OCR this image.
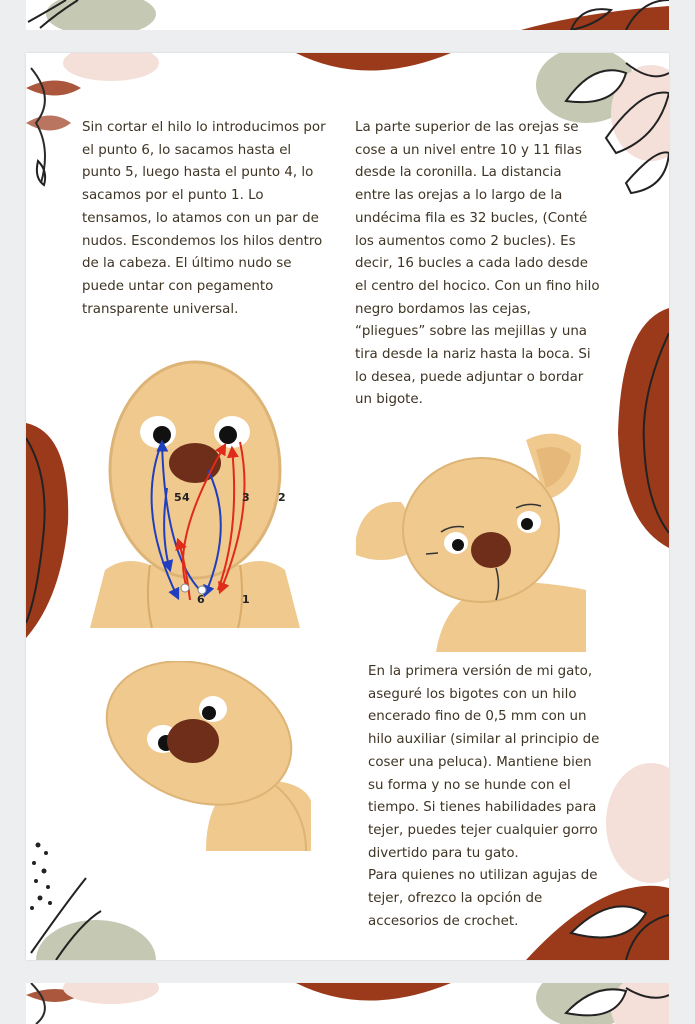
Sin cortar el hilo lo introducimos por el punto 6, lo sacamos hasta el punto 5, luego hasta el punto 4, lo sacamos por el punto 1. Lo tensamos, lo atamos con un par de nudos. Escondemos los hilos dentro de la cabeza. El último nudo se puede untar con pegamento transparente universal.

La parte superior de las orejas se cose a un nivel entre 10 y 11 filas desde la coronilla. La distancia entre las orejas a lo largo de la undécima fila es 32 bucles, (Conté los aumentos como 2 bucles). Es decir, 16 bucles a cada lado desde el centro del hocico. Con un fino hilo negro bordamos las cejas, “pliegues” sobre las mejillas y una tira desde la nariz hasta la boca. Si lo desea, puede adjuntar o bordar un bigote.

En la primera versión de mi gato, aseguré los bigotes con un hilo encerado fino de 0,5 mm con un hilo auxiliar (similar al principio de coser una peluca). Mantiene bien su forma y no se hunde con el tiempo. Si tienes habilidades para tejer, puedes tejer cualquier gorro divertido para tu gato.

Para quienes no utilizan agujas de tejer, ofrezco la opción de accesorios de crochet.

5 4	3	2
6	1
